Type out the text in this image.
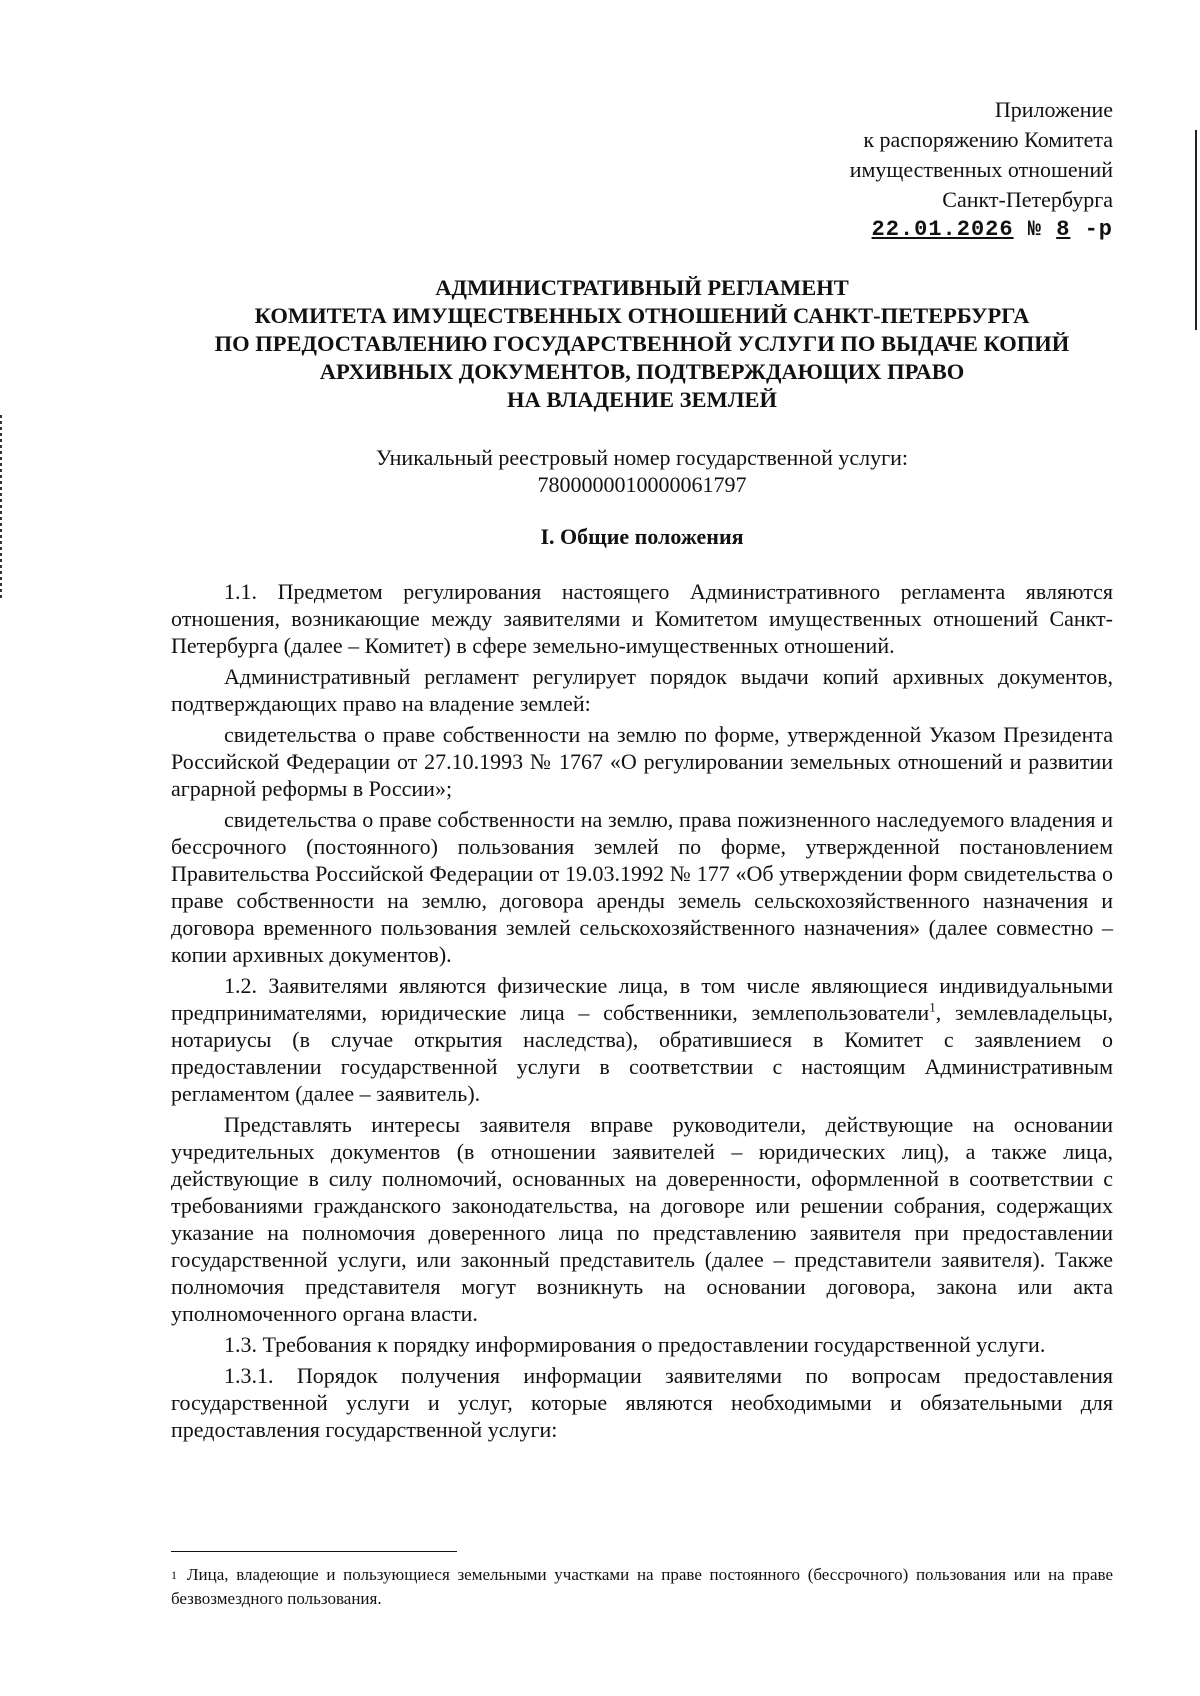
Приложение
к распоряжению Комитета
имущественных отношений
Санкт-Петербурга
22.01.2026 № 8 -р
АДМИНИСТРАТИВНЫЙ РЕГЛАМЕНТ
КОМИТЕТА ИМУЩЕСТВЕННЫХ ОТНОШЕНИЙ САНКТ-ПЕТЕРБУРГА
ПО ПРЕДОСТАВЛЕНИЮ ГОСУДАРСТВЕННОЙ УСЛУГИ ПО ВЫДАЧЕ КОПИЙ
АРХИВНЫХ ДОКУМЕНТОВ, ПОДТВЕРЖДАЮЩИХ ПРАВО
НА ВЛАДЕНИЕ ЗЕМЛЕЙ
Уникальный реестровый номер государственной услуги:
7800000010000061797
I. Общие положения

1.1. Предметом регулирования настоящего Административного регламента являются отношения, возникающие между заявителями и Комитетом имущественных отношений Санкт-Петербурга (далее – Комитет) в сфере земельно-имущественных отношений.

Административный регламент регулирует порядок выдачи копий архивных документов, подтверждающих право на владение землей:

свидетельства о праве собственности на землю по форме, утвержденной Указом Президента Российской Федерации от 27.10.1993 № 1767 «О регулировании земельных отношений и развитии аграрной реформы в России»;

свидетельства о праве собственности на землю, права пожизненного наследуемого владения и бессрочного (постоянного) пользования землей по форме, утвержденной постановлением Правительства Российской Федерации от 19.03.1992 № 177 «Об утверждении форм свидетельства о праве собственности на землю, договора аренды земель сельскохозяйственного назначения и договора временного пользования землей сельскохозяйственного назначения» (далее совместно – копии архивных документов).

1.2. Заявителями являются физические лица, в том числе являющиеся индивидуальными предпринимателями, юридические лица – собственники, землепользователи$^1$, землевладельцы, нотариусы (в случае открытия наследства), обратившиеся в Комитет с заявлением о предоставлении государственной услуги в соответствии с настоящим Административным регламентом (далее – заявитель).

Представлять интересы заявителя вправе руководители, действующие на основании учредительных документов (в отношении заявителей – юридических лиц), а также лица, действующие в силу полномочий, основанных на доверенности, оформленной в соответствии с требованиями гражданского законодательства, на договоре или решении собрания, содержащих указание на полномочия доверенного лица по представлению заявителя при предоставлении государственной услуги, или законный представитель (далее – представители заявителя). Также полномочия представителя могут возникнуть на основании договора, закона или акта уполномоченного органа власти.

1.3. Требования к порядку информирования о предоставлении государственной услуги.

1.3.1. Порядок получения информации заявителями по вопросам предоставления государственной услуги и услуг, которые являются необходимыми и обязательными для предоставления государственной услуги:

$^1$ Лица, владеющие и пользующиеся земельными участками на праве постоянного (бессрочного) пользования или на праве безвозмездного пользования.
